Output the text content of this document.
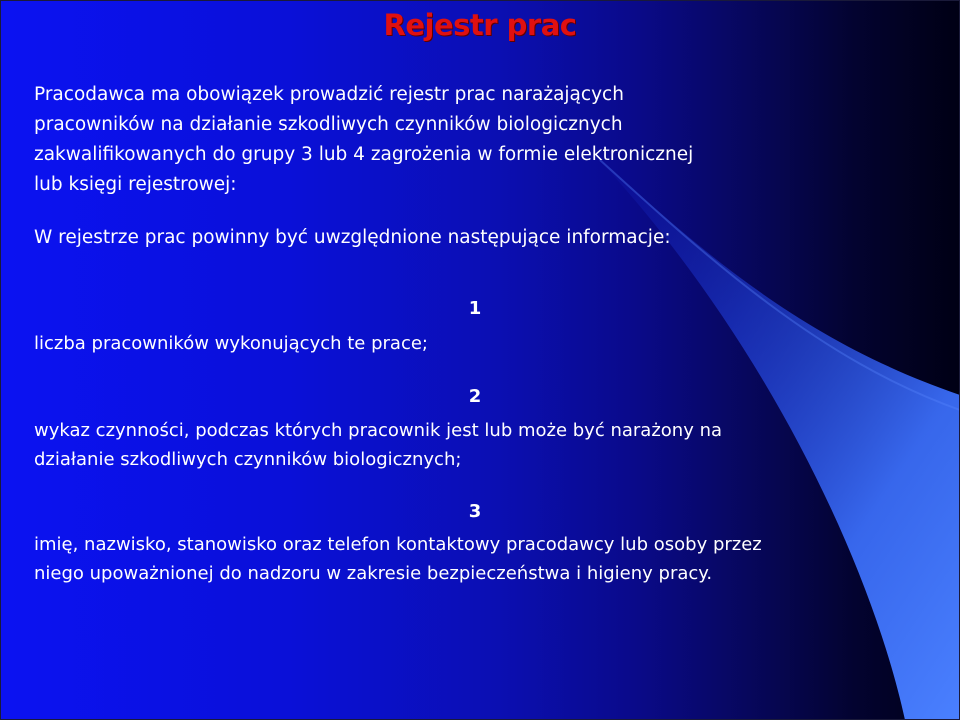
Rejestr prac
Pracodawca ma obowiązek prowadzić rejestr prac narażających
pracowników na działanie szkodliwych czynników biologicznych
zakwalifikowanych do grupy 3 lub 4 zagrożenia w formie elektronicznej
lub księgi rejestrowej:
W rejestrze prac powinny być uwzględnione następujące informacje:
1
liczba pracowników wykonujących te prace;
2
wykaz czynności, podczas których pracownik jest lub może być narażony na
działanie szkodliwych czynników biologicznych;
3
imię, nazwisko, stanowisko oraz telefon kontaktowy pracodawcy lub osoby przez
niego upoważnionej do nadzoru w zakresie bezpieczeństwa i higieny pracy.
